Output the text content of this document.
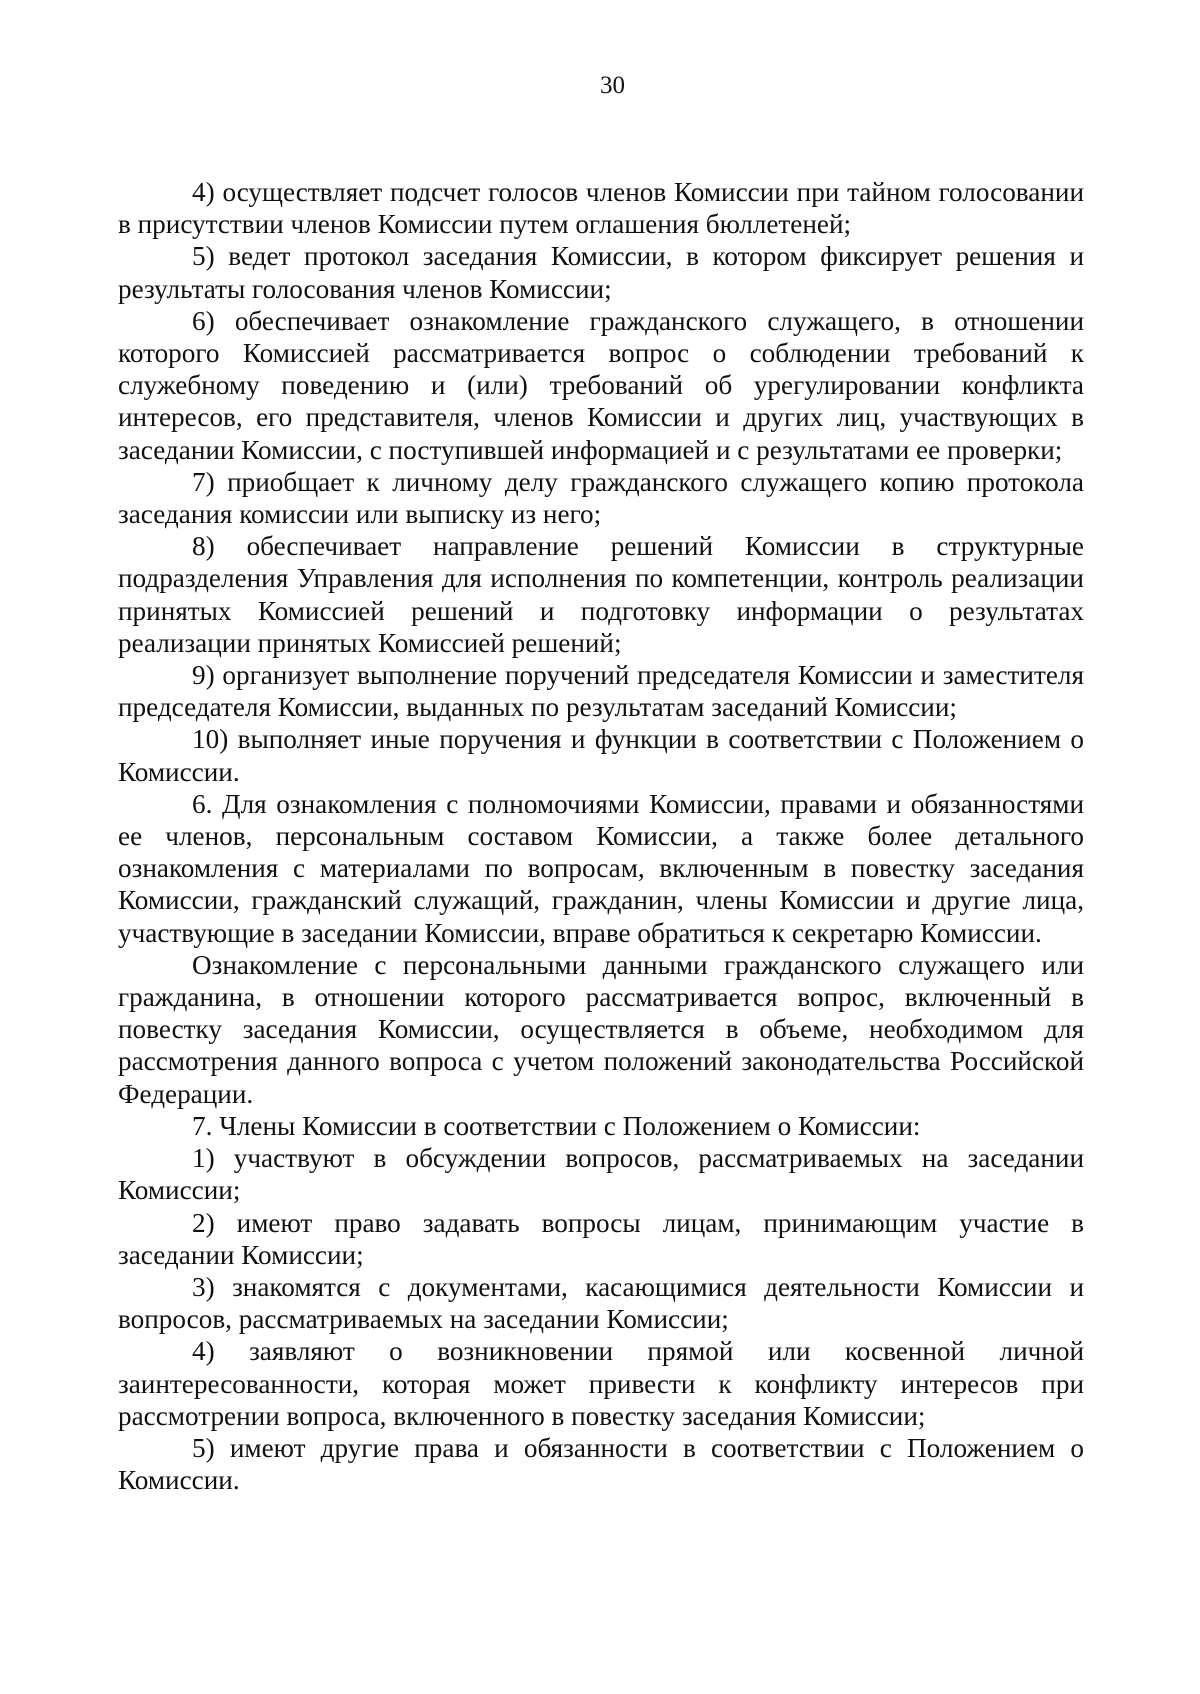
30

4) осуществляет подсчет голосов членов Комиссии при тайном голосовании в присутствии членов Комиссии путем оглашения бюллетеней;

5) ведет протокол заседания Комиссии, в котором фиксирует решения и результаты голосования членов Комиссии;

6) обеспечивает ознакомление гражданского служащего, в отношении которого Комиссией рассматривается вопрос о соблюдении требований к служебному поведению и (или) требований об урегулировании конфликта интересов, его представителя, членов Комиссии и других лиц, участвующих в заседании Комиссии, с поступившей информацией и с результатами ее проверки;

7) приобщает к личному делу гражданского служащего копию протокола заседания комиссии или выписку из него;

8) обеспечивает направление решений Комиссии в структурные подразделения Управления для исполнения по компетенции, контроль реализации принятых Комиссией решений и подготовку информации о результатах реализации принятых Комиссией решений;

9) организует выполнение поручений председателя Комиссии и заместителя председателя Комиссии, выданных по результатам заседаний Комиссии;

10) выполняет иные поручения и функции в соответствии с Положением о Комиссии.

6. Для ознакомления с полномочиями Комиссии, правами и обязанностями ее членов, персональным составом Комиссии, а также более детального ознакомления с материалами по вопросам, включенным в повестку заседания Комиссии, гражданский служащий, гражданин, члены Комиссии и другие лица, участвующие в заседании Комиссии, вправе обратиться к секретарю Комиссии.

Ознакомление с персональными данными гражданского служащего или гражданина, в отношении которого рассматривается вопрос, включенный в повестку заседания Комиссии, осуществляется в объеме, необходимом для рассмотрения данного вопроса с учетом положений законодательства Российской Федерации.

7. Члены Комиссии в соответствии с Положением о Комиссии:

1) участвуют в обсуждении вопросов, рассматриваемых на заседании Комиссии;

2) имеют право задавать вопросы лицам, принимающим участие в заседании Комиссии;

3) знакомятся с документами, касающимися деятельности Комиссии и вопросов, рассматриваемых на заседании Комиссии;

4) заявляют о возникновении прямой или косвенной личной заинтересованности, которая может привести к конфликту интересов при рассмотрении вопроса, включенного в повестку заседания Комиссии;

5) имеют другие права и обязанности в соответствии с Положением о Комиссии.
